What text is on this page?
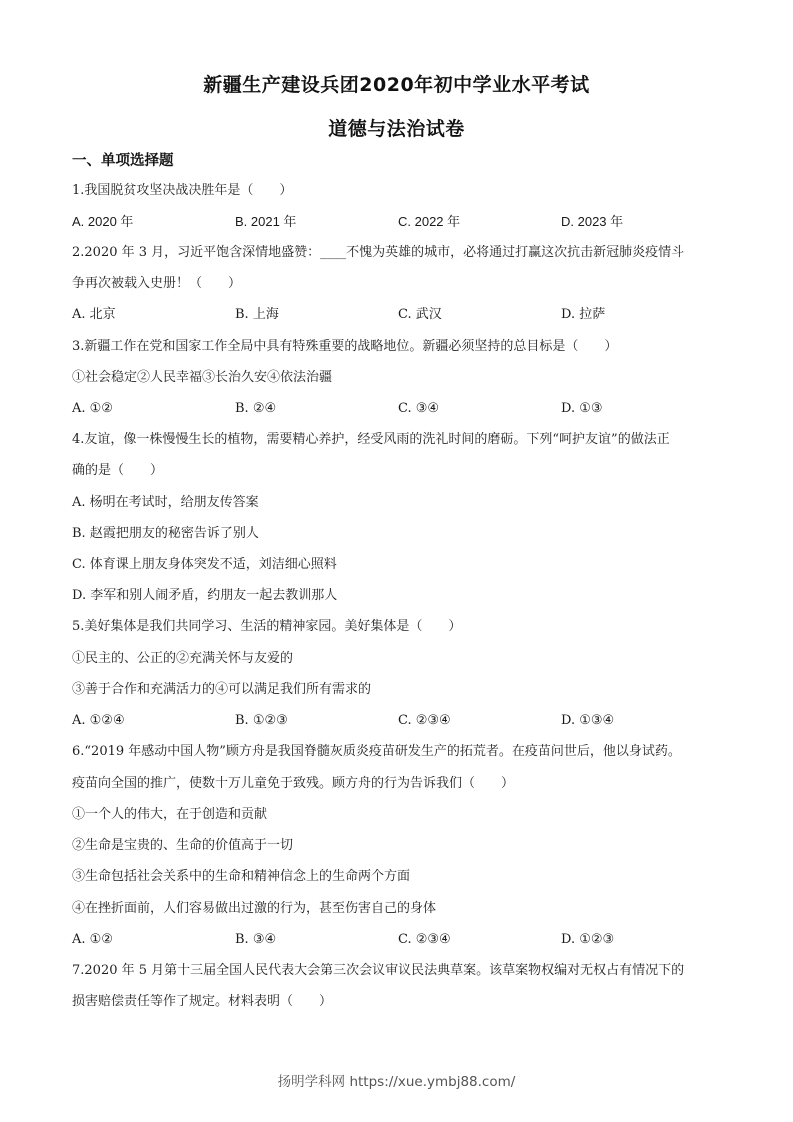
新疆生产建设兵团2020年初中学业水平考试
道德与法治试卷
一、单项选择题
1.我国脱贫攻坚决战决胜年是（　　）
A. 2020 年	B. 2021 年	C. 2022 年	D. 2023 年
2.2020 年 3 月，习近平饱含深情地盛赞：____不愧为英雄的城市，必将通过打赢这次抗击新冠肺炎疫情斗
争再次被载入史册！（　　）
A. 北京	B. 上海	C. 武汉	D. 拉萨
3.新疆工作在党和国家工作全局中具有特殊重要的战略地位。新疆必须坚持的总目标是（　　）
①社会稳定②人民幸福③长治久安④依法治疆
A. ①②	B. ②④	C. ③④	D. ①③
4.友谊，像一株慢慢生长的植物，需要精心养护，经受风雨的洗礼时间的磨砺。下列“呵护友谊”的做法正
确的是（　　）
A. 杨明在考试时，给朋友传答案
B. 赵霞把朋友的秘密告诉了别人
C. 体育课上朋友身体突发不适，刘洁细心照料
D. 李军和别人闹矛盾，约朋友一起去教训那人
5.美好集体是我们共同学习、生活的精神家园。美好集体是（　　）
①民主的、公正的②充满关怀与友爱的
③善于合作和充满活力的④可以满足我们所有需求的
A. ①②④	B. ①②③	C. ②③④	D. ①③④
6.“2019 年感动中国人物”顾方舟是我国脊髓灰质炎疫苗研发生产的拓荒者。在疫苗问世后，他以身试药。
疫苗向全国的推广，使数十万儿童免于致残。顾方舟的行为告诉我们（　　）
①一个人的伟大，在于创造和贡献
②生命是宝贵的、生命的价值高于一切
③生命包括社会关系中的生命和精神信念上的生命两个方面
④在挫折面前，人们容易做出过激的行为，甚至伤害自己的身体
A. ①②	B. ③④	C. ②③④	D. ①②③
7.2020 年 5 月第十三届全国人民代表大会第三次会议审议民法典草案。该草案物权编对无权占有情况下的
损害赔偿责任等作了规定。材料表明（　　）
扬明学科网 https://xue.ymbj88.com/
